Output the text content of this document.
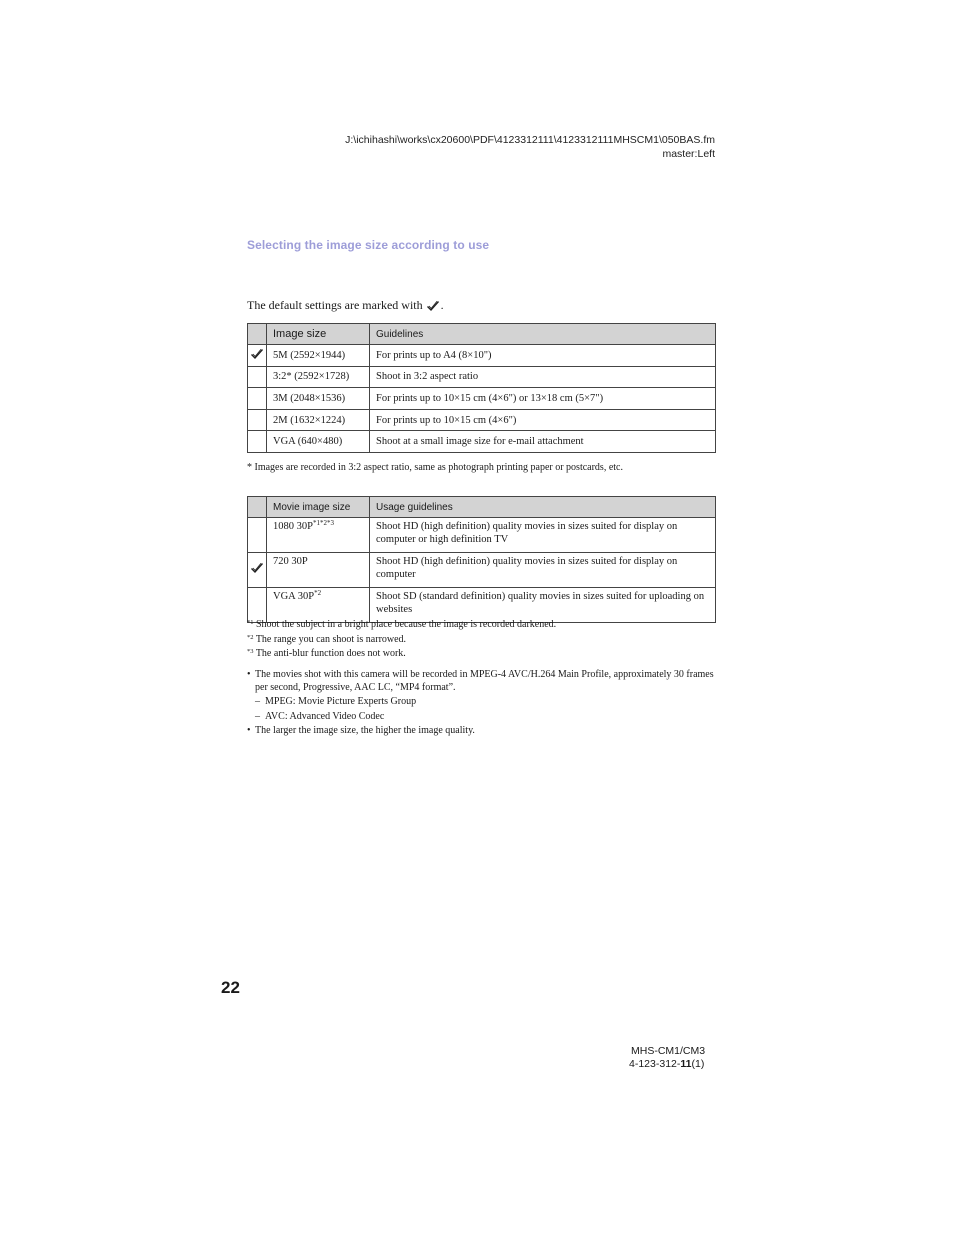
J:\ichihashi\works\cx20600\PDF\4123312111\4123312111MHSCM1\050BAS.fm
master:Left
Selecting the image size according to use
The default settings are marked with .
	Image size	Guidelines
	5M (2592×1944)	For prints up to A4 (8×10")
	3:2* (2592×1728)	Shoot in 3:2 aspect ratio
	3M (2048×1536)	For prints up to 10×15 cm (4×6") or 13×18 cm (5×7")
	2M (1632×1224)	For prints up to 10×15 cm (4×6")
	VGA (640×480)	Shoot at a small image size for e-mail attachment
* Images are recorded in 3:2 aspect ratio, same as photograph printing paper or postcards, etc.
	Movie image size	Usage guidelines
	1080 $30P^{*1*2*3}$	Shoot HD (high definition) quality movies in sizes suited for display on computer or high definition TV
	720 30P	Shoot HD (high definition) quality movies in sizes suited for display on computer
	VGA $30P^{*2}$	Shoot SD (standard definition) quality movies in sizes suited for uploading on websites
$^{*1}$ Shoot the subject in a bright place because the image is recorded darkened.
$^{*2}$ The range you can shoot is narrowed.
$^{*3}$ The anti-blur function does not work.
• The movies shot with this camera will be recorded in MPEG-4 AVC/H.264 Main Profile, approximately 30 frames per second, Progressive, AAC LC, “MP4 format”.
– MPEG: Movie Picture Experts Group
– AVC: Advanced Video Codec
• The larger the image size, the higher the image quality.
22
MHS-CM1/CM3
4-123-312-11(1)
